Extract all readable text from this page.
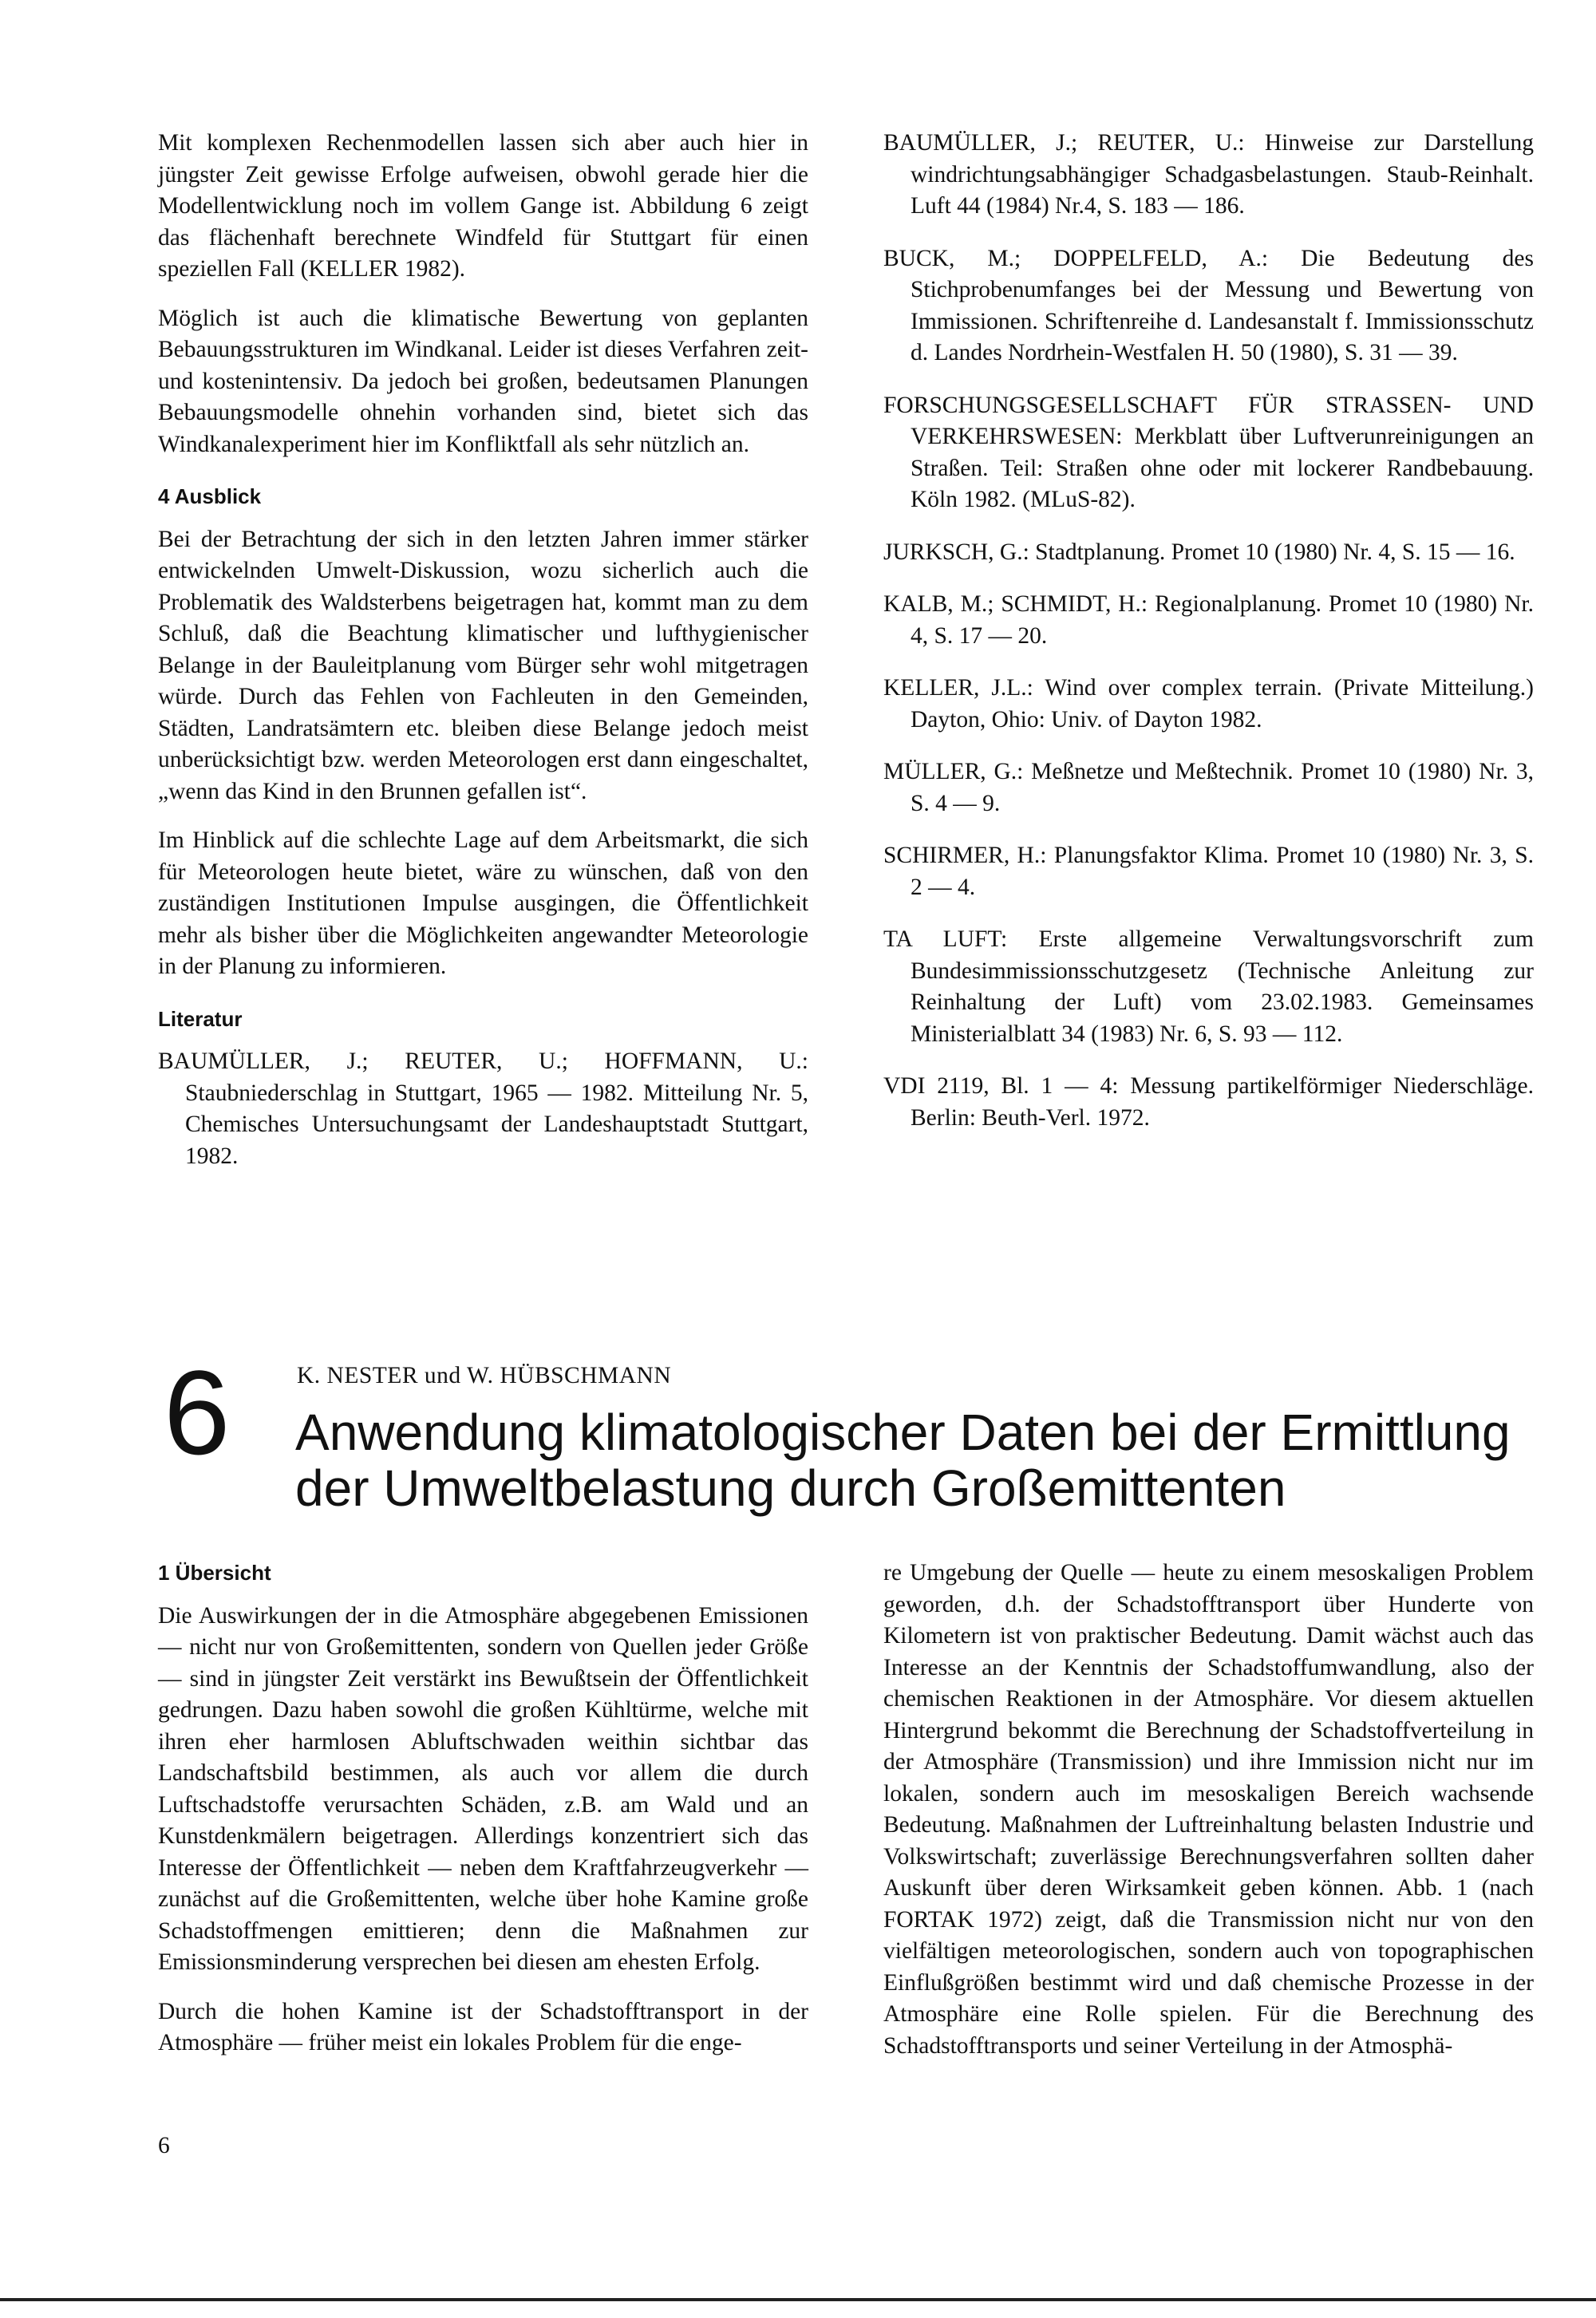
Mit komplexen Rechenmodellen lassen sich aber auch hier in jüngster Zeit gewisse Erfolge aufweisen, obwohl gerade hier die Modellentwicklung noch im vollem Gange ist. Abbildung 6 zeigt das flächenhaft berechnete Windfeld für Stuttgart für einen speziellen Fall (KELLER 1982).

Möglich ist auch die klimatische Bewertung von geplanten Bebauungsstrukturen im Windkanal. Leider ist dieses Verfahren zeit- und kostenintensiv. Da jedoch bei großen, bedeutsamen Planungen Bebauungsmodelle ohnehin vorhanden sind, bietet sich das Windkanalexperiment hier im Konfliktfall als sehr nützlich an.

4 Ausblick

Bei der Betrachtung der sich in den letzten Jahren immer stärker entwickelnden Umwelt-Diskussion, wozu sicherlich auch die Problematik des Waldsterbens beigetragen hat, kommt man zu dem Schluß, daß die Beachtung klimatischer und lufthygienischer Belange in der Bauleitplanung vom Bürger sehr wohl mitgetragen würde. Durch das Fehlen von Fachleuten in den Gemeinden, Städten, Landratsämtern etc. bleiben diese Belange jedoch meist unberücksichtigt bzw. werden Meteorologen erst dann eingeschaltet, „wenn das Kind in den Brunnen gefallen ist“.

Im Hinblick auf die schlechte Lage auf dem Arbeitsmarkt, die sich für Meteorologen heute bietet, wäre zu wünschen, daß von den zuständigen Institutionen Impulse ausgingen, die Öffentlichkeit mehr als bisher über die Möglichkeiten angewandter Meteorologie in der Planung zu informieren.

Literatur

BAUMÜLLER, J.; REUTER, U.; HOFFMANN, U.: Staubniederschlag in Stuttgart, 1965 — 1982. Mitteilung Nr. 5, Chemisches Untersuchungsamt der Landeshauptstadt Stuttgart, 1982.

BAUMÜLLER, J.; REUTER, U.: Hinweise zur Darstellung windrichtungsabhängiger Schadgasbelastungen. Staub-Reinhalt. Luft 44 (1984) Nr.4, S. 183 — 186.

BUCK, M.; DOPPELFELD, A.: Die Bedeutung des Stichprobenumfanges bei der Messung und Bewertung von Immissionen. Schriftenreihe d. Landesanstalt f. Immissionsschutz d. Landes Nordrhein-Westfalen H. 50 (1980), S. 31 — 39.

FORSCHUNGSGESELLSCHAFT FÜR STRASSEN- UND VERKEHRSWESEN: Merkblatt über Luftverunreinigungen an Straßen. Teil: Straßen ohne oder mit lockerer Randbebauung. Köln 1982. (MLuS-82).

JURKSCH, G.: Stadtplanung. Promet 10 (1980) Nr. 4, S. 15 — 16.

KALB, M.; SCHMIDT, H.: Regionalplanung. Promet 10 (1980) Nr. 4, S. 17 — 20.

KELLER, J.L.: Wind over complex terrain. (Private Mitteilung.) Dayton, Ohio: Univ. of Dayton 1982.

MÜLLER, G.: Meßnetze und Meßtechnik. Promet 10 (1980) Nr. 3, S. 4 — 9.

SCHIRMER, H.: Planungsfaktor Klima. Promet 10 (1980) Nr. 3, S. 2 — 4.

TA LUFT: Erste allgemeine Verwaltungsvorschrift zum Bundesimmissionsschutzgesetz (Technische Anleitung zur Reinhaltung der Luft) vom 23.02.1983. Gemeinsames Ministerialblatt 34 (1983) Nr. 6, S. 93 — 112.

VDI 2119, Bl. 1 — 4: Messung partikelförmiger Niederschläge. Berlin: Beuth-Verl. 1972.

6	K. NESTER und W. HÜBSCHMANN
Anwendung klimatologischer Daten bei der Ermittlung der Umweltbelastung durch Großemittenten
1 Übersicht

Die Auswirkungen der in die Atmosphäre abgegebenen Emissionen — nicht nur von Großemittenten, sondern von Quellen jeder Größe — sind in jüngster Zeit verstärkt ins Bewußtsein der Öffentlichkeit gedrungen. Dazu haben sowohl die großen Kühltürme, welche mit ihren eher harmlosen Abluftschwaden weithin sichtbar das Landschaftsbild bestimmen, als auch vor allem die durch Luftschadstoffe verursachten Schäden, z.B. am Wald und an Kunstdenkmälern beigetragen. Allerdings konzentriert sich das Interesse der Öffentlichkeit — neben dem Kraftfahrzeugverkehr — zunächst auf die Großemittenten, welche über hohe Kamine große Schadstoffmengen emittieren; denn die Maßnahmen zur Emissionsminderung versprechen bei diesen am ehesten Erfolg.

Durch die hohen Kamine ist der Schadstofftransport in der Atmosphäre — früher meist ein lokales Problem für die enge-

re Umgebung der Quelle — heute zu einem mesoskaligen Problem geworden, d.h. der Schadstofftransport über Hunderte von Kilometern ist von praktischer Bedeutung. Damit wächst auch das Interesse an der Kenntnis der Schadstoffumwandlung, also der chemischen Reaktionen in der Atmosphäre. Vor diesem aktuellen Hintergrund bekommt die Berechnung der Schadstoffverteilung in der Atmosphäre (Transmission) und ihre Immission nicht nur im lokalen, sondern auch im mesoskaligen Bereich wachsende Bedeutung. Maßnahmen der Luftreinhaltung belasten Industrie und Volkswirtschaft; zuverlässige Berechnungsverfahren sollten daher Auskunft über deren Wirksamkeit geben können. Abb. 1 (nach FORTAK 1972) zeigt, daß die Transmission nicht nur von den vielfältigen meteorologischen, sondern auch von topographischen Einflußgrößen bestimmt wird und daß chemische Prozesse in der Atmosphäre eine Rolle spielen. Für die Berechnung des Schadstofftransports und seiner Verteilung in der Atmosphä-

6
